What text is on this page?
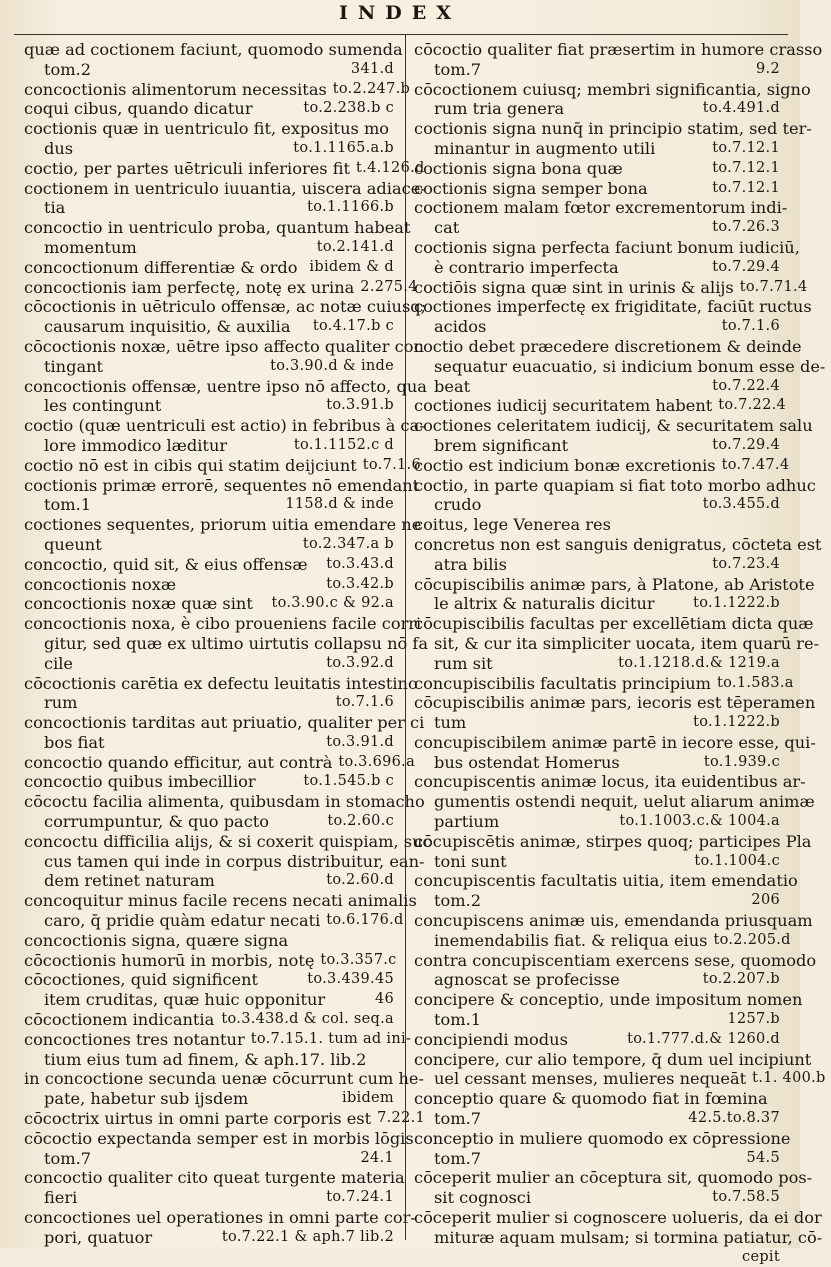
INDEX
quæ ad coctionem faciunt, quomodo sumenda
tom.2	341.d
concoctionis alimentorum necessitas to.2.247.b
coqui cibus, quando dicatur	to.2.238.b c
coctionis quæ in uentriculo fit, expositus mo
dus	to.1.1165.a.b
coctio, per partes uētriculi inferiores fit t.4.126.d
coctionem in uentriculo iuuantia, uiscera adiace-
tia	to.1.1166.b
concoctio in uentriculo proba, quantum habeat
momentum	to.2.141.d
concoctionum differentiæ & ordo ibidem & d
concoctionis iam perfectę, notę ex urina 2.275.4
cōcoctionis in uētriculo offensæ, ac notæ cuiusq;
causarum inquisitio, & auxilia	to.4.17.b c
cōcoctionis noxæ, uētre ipso affecto qualiter con
tingant	to.3.90.d & inde
concoctionis offensæ, uentre ipso nō affecto, qua
les contingunt	to.3.91.b
coctio (quæ uentriculi est actio) in febribus à ca-
lore immodico læditur	to.1.1152.c d
coctio nō est in cibis qui statim deijciunt to.7.1.6
coctionis primæ errorē, sequentes nō emendant
tom.1	1158.d & inde
coctiones sequentes, priorum uitia emendare ne
queunt	to.2.347.a b
concoctio, quid sit, & eius offensæ	to.3.43.d
concoctionis noxæ	to.3.42.b
concoctionis noxæ quæ sint	to.3.90.c & 92.a
concoctionis noxa, è cibo proueniens facile corri
gitur, sed quæ ex ultimo uirtutis collapsu nō fa
cile	to.3.92.d
cōcoctionis carētia ex defectu leuitatis intestino
rum	to.7.1.6
concoctionis tarditas aut priuatio, qualiter per ci
bos fiat	to.3.91.d
concoctio quando efficitur, aut contrà to.3.696.a
concoctio quibus imbecillior	to.1.545.b c
cōcoctu facilia alimenta, quibusdam in stomacho
corrumpuntur, & quo pacto	to.2.60.c
concoctu difficilia alijs, & si coxerit quispiam, suc
cus tamen qui inde in corpus distribuitur, ean-
dem retinet naturam	to.2.60.d
concoquitur minus facile recens necati animalis
caro, q̄ pridie quàm edatur necati to.6.176.d
concoctionis signa, quære signa
cōcoctionis humorū in morbis, notę to.3.357.c
cōcoctiones, quid significent	to.3.439.45
item cruditas, quæ huic opponitur	46
cōcoctionem indicantia to.3.438.d & col. seq.a
concoctiones tres notantur to.7.15.1. tum ad ini-
tium eius tum ad finem, & aph.17. lib.2
in concoctione secunda uenæ cōcurrunt cum he-
pate, habetur sub ijsdem	ibidem
cōcoctrix uirtus in omni parte corporis est 7.22.1
cōcoctio expectanda semper est in morbis lōgis
tom.7	24.1
concoctio qualiter cito queat turgente materia
fieri	to.7.24.1
concoctiones uel operationes in omni parte cor-
pori, quatuor	to.7.22.1 & aph.7 lib.2
cōcoctio qualiter fiat præsertim in humore crasso
tom.7	9.2
cōcoctionem cuiusq; membri significantia, signo
rum tria genera	to.4.491.d
coctionis signa nunq̄ in principio statim, sed ter-
minantur in augmento utili	to.7.12.1
coctionis signa bona quæ	to.7.12.1
coctionis signa semper bona	to.7.12.1
coctionem malam fœtor excrementorum indi-
cat	to.7.26.3
coctionis signa perfecta faciunt bonum iudiciū,
è contrario imperfecta	to.7.29.4
coctiōis signa quæ sint in urinis & alijs to.7.71.4
coctiones imperfectę ex frigiditate, faciūt ructus
acidos	to.7.1.6
coctio debet præcedere discretionem & deinde
sequatur euacuatio, si indicium bonum esse de-
beat	to.7.22.4
coctiones iudicij securitatem habent to.7.22.4
coctiones celeritatem iudicij, & securitatem salu
brem significant	to.7.29.4
coctio est indicium bonæ excretionis to.7.47.4
coctio, in parte quapiam si fiat toto morbo adhuc
crudo	to.3.455.d
coitus, lege Venerea res
concretus non est sanguis denigratus, cōcteta est
atra bilis	to.7.23.4
cōcupiscibilis animæ pars, à Platone, ab Aristote
le altrix & naturalis dicitur	to.1.1222.b
cōcupiscibilis facultas per excellētiam dicta quæ
sit, & cur ita simpliciter uocata, item quarū re-
rum sit	to.1.1218.d.& 1219.a
concupiscibilis facultatis principium to.1.583.a
cōcupiscibilis animæ pars, iecoris est tēperamen
tum	to.1.1222.b
concupiscibilem animæ partē in iecore esse, qui-
bus ostendat Homerus	to.1.939.c
concupiscentis animæ locus, ita euidentibus ar-
gumentis ostendi nequit, uelut aliarum animæ
partium	to.1.1003.c.& 1004.a
cōcupiscētis animæ, stirpes quoq; participes Pla
toni sunt	to.1.1004.c
concupiscentis facultatis uitia, item emendatio
tom.2	206
concupiscens animæ uis, emendanda priusquam
inemendabilis fiat. & reliqua eius to.2.205.d
contra concupiscentiam exercens sese, quomodo
agnoscat se profecisse	to.2.207.b
concipere & conceptio, unde impositum nomen
tom.1	1257.b
concipiendi modus	to.1.777.d.& 1260.d
concipere, cur alio tempore, q̄ dum uel incipiunt
uel cessant menses, mulieres nequeāt t.1. 400.b
conceptio quare & quomodo fiat in fœmina
tom.7	42.5.to.8.37
conceptio in muliere quomodo ex cōpressione
tom.7	54.5
cōceperit mulier an cōceptura sit, quomodo pos-
sit cognosci	to.7.58.5
cōceperit mulier si cognoscere uolueris, da ei dor
mituræ aquam mulsam; si tormina patiatur, cō-
cepit
